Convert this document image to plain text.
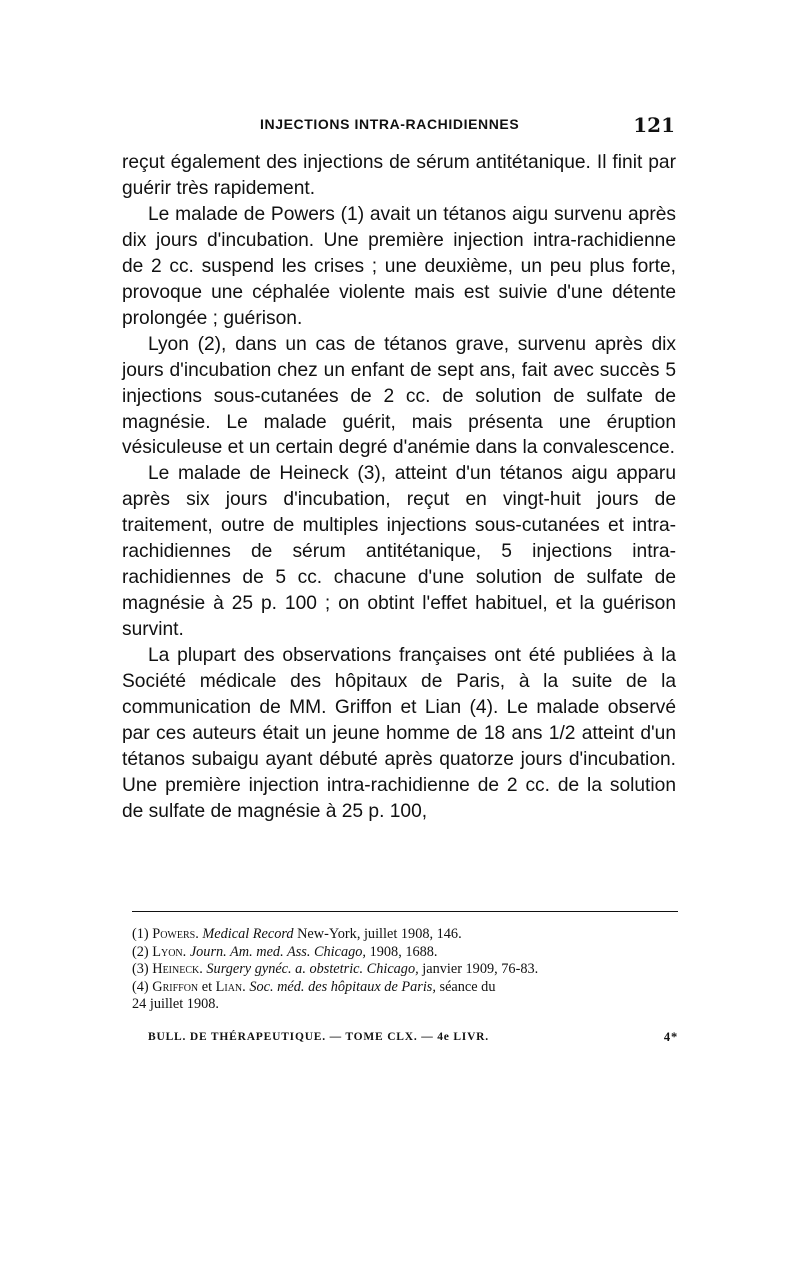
INJECTIONS INTRA-RACHIDIENNES	121

reçut également des injections de sérum antitétanique. Il finit par guérir très rapidement.

Le malade de Powers (1) avait un tétanos aigu survenu après dix jours d'incubation. Une première injection intra-rachidienne de 2 cc. suspend les crises ; une deuxième, un peu plus forte, provoque une céphalée violente mais est suivie d'une détente prolongée ; guérison.

Lyon (2), dans un cas de tétanos grave, survenu après dix jours d'incubation chez un enfant de sept ans, fait avec succès 5 injections sous-cutanées de 2 cc. de solution de sulfate de magnésie. Le malade guérit, mais présenta une éruption vésiculeuse et un certain degré d'anémie dans la convalescence.

Le malade de Heineck (3), atteint d'un tétanos aigu apparu après six jours d'incubation, reçut en vingt-huit jours de traitement, outre de multiples injections sous-cutanées et intra-rachidiennes de sérum antitétanique, 5 injections intra-rachidiennes de 5 cc. chacune d'une solution de sulfate de magnésie à 25 p. 100 ; on obtint l'effet habituel, et la guérison survint.

La plupart des observations françaises ont été publiées à la Société médicale des hôpitaux de Paris, à la suite de la communication de MM. Griffon et Lian (4). Le malade observé par ces auteurs était un jeune homme de 18 ans 1/2 atteint d'un tétanos subaigu ayant débuté après quatorze jours d'incubation. Une première injection intra-rachidienne de 2 cc. de la solution de sulfate de magnésie à 25 p. 100,

(1) Powers. Medical Record New-York, juillet 1908, 146.
(2) Lyon. Journ. Am. med. Ass. Chicago, 1908, 1688.
(3) Heineck. Surgery gynéc. a. obstetric. Chicago, janvier 1909, 76-83.
(4) Griffon et Lian. Soc. méd. des hôpitaux de Paris, séance du
24 juillet 1908.
BULL. DE THÉRAPEUTIQUE. — TOME CLX. — 4e LIVR.	4*
